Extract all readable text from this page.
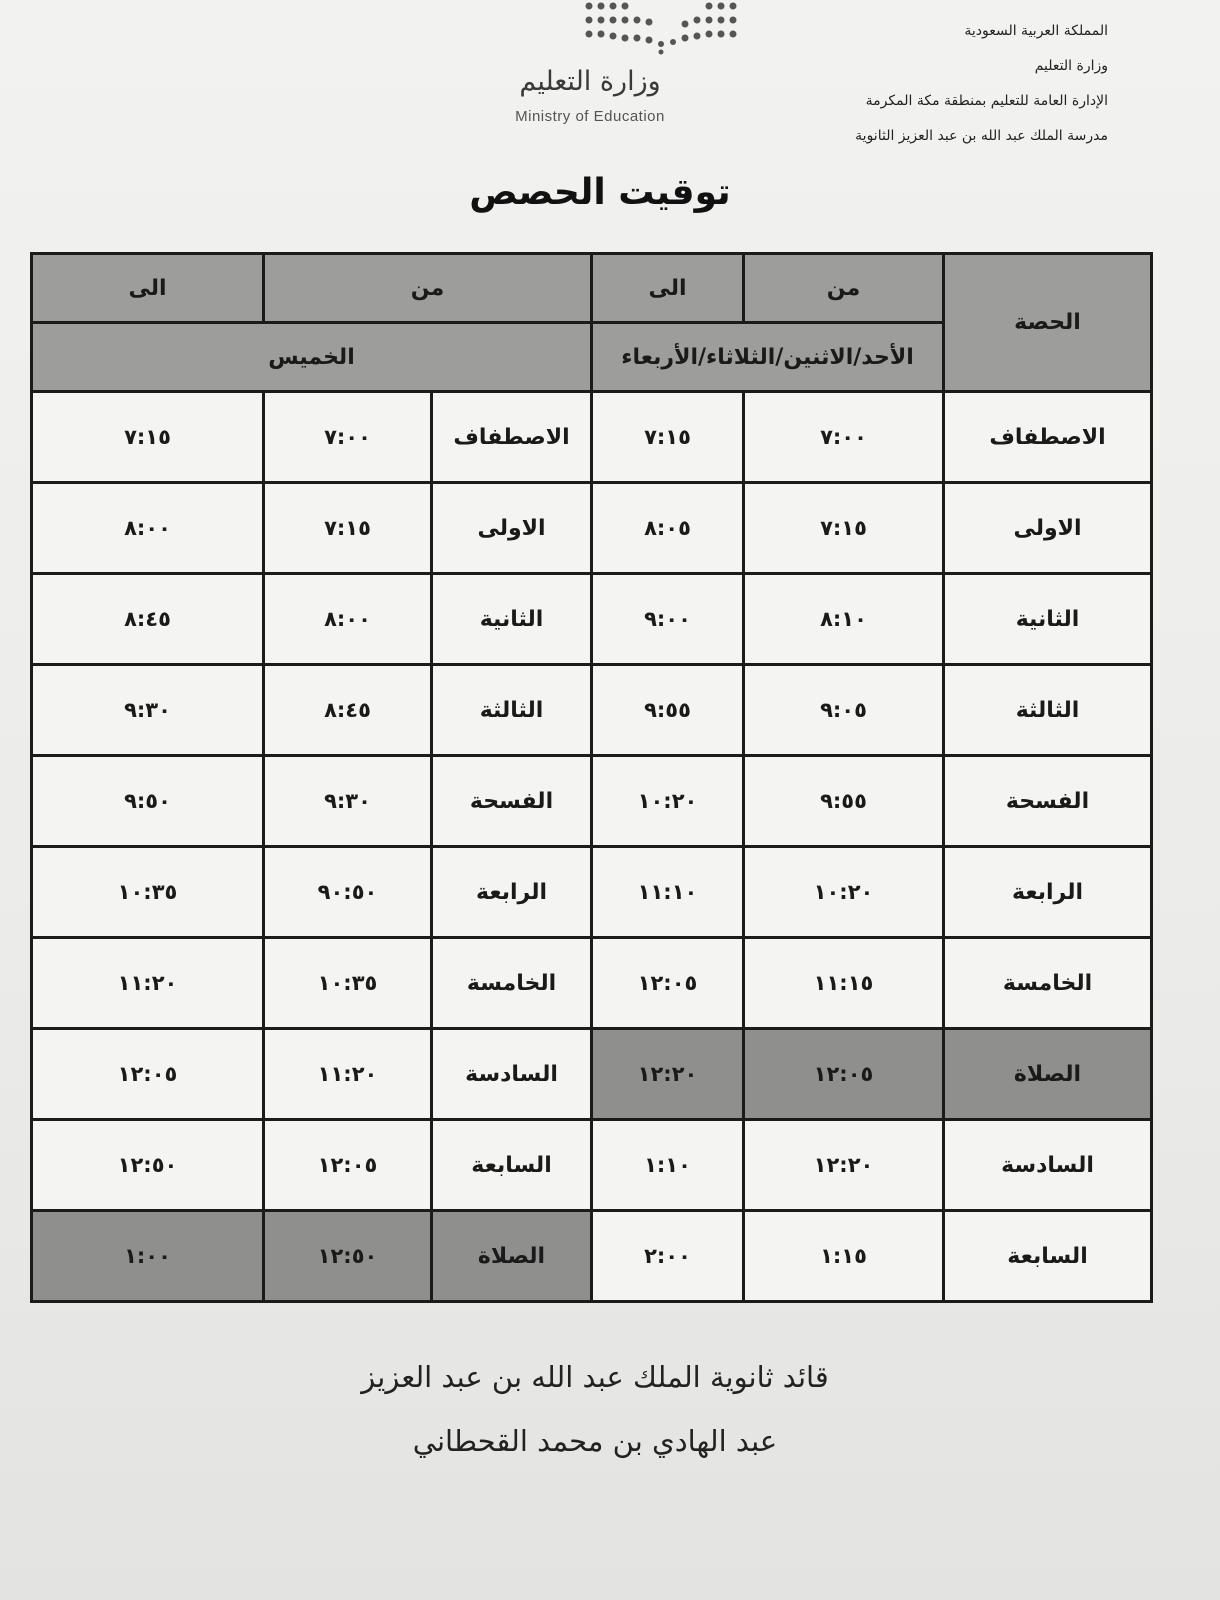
المملكة العربية السعودية
وزارة التعليم
الإدارة العامة للتعليم بمنطقة مكة المكرمة
مدرسة الملك عبد الله بن عبد العزيز الثانوية
وزارة التعليم
Ministry of Education
توقيت الحصص
الحصة	من	الى	من		الى
	الأحد/الاثنين/الثلاثاء/الأربعاء		الخميس		
الاصطفاف	٧:٠٠	٧:١٥	الاصطفاف	٧:٠٠	٧:١٥
الاولى	٧:١٥	٨:٠٥	الاولى	٧:١٥	٨:٠٠
الثانية	٨:١٠	٩:٠٠	الثانية	٨:٠٠	٨:٤٥
الثالثة	٩:٠٥	٩:٥٥	الثالثة	٨:٤٥	٩:٣٠
الفسحة	٩:٥٥	١٠:٢٠	الفسحة	٩:٣٠	٩:٥٠
الرابعة	١٠:٢٠	١١:١٠	الرابعة	٩٠:٥٠	١٠:٣٥
الخامسة	١١:١٥	١٢:٠٥	الخامسة	١٠:٣٥	١١:٢٠
الصلاة	١٢:٠٥	١٢:٢٠	السادسة	١١:٢٠	١٢:٠٥
السادسة	١٢:٢٠	١:١٠	السابعة	١٢:٠٥	١٢:٥٠
السابعة	١:١٥	٢:٠٠	الصلاة	١٢:٥٠	١:٠٠
قائد ثانوية الملك عبد الله بن عبد العزيز
عبد الهادي بن محمد القحطاني
